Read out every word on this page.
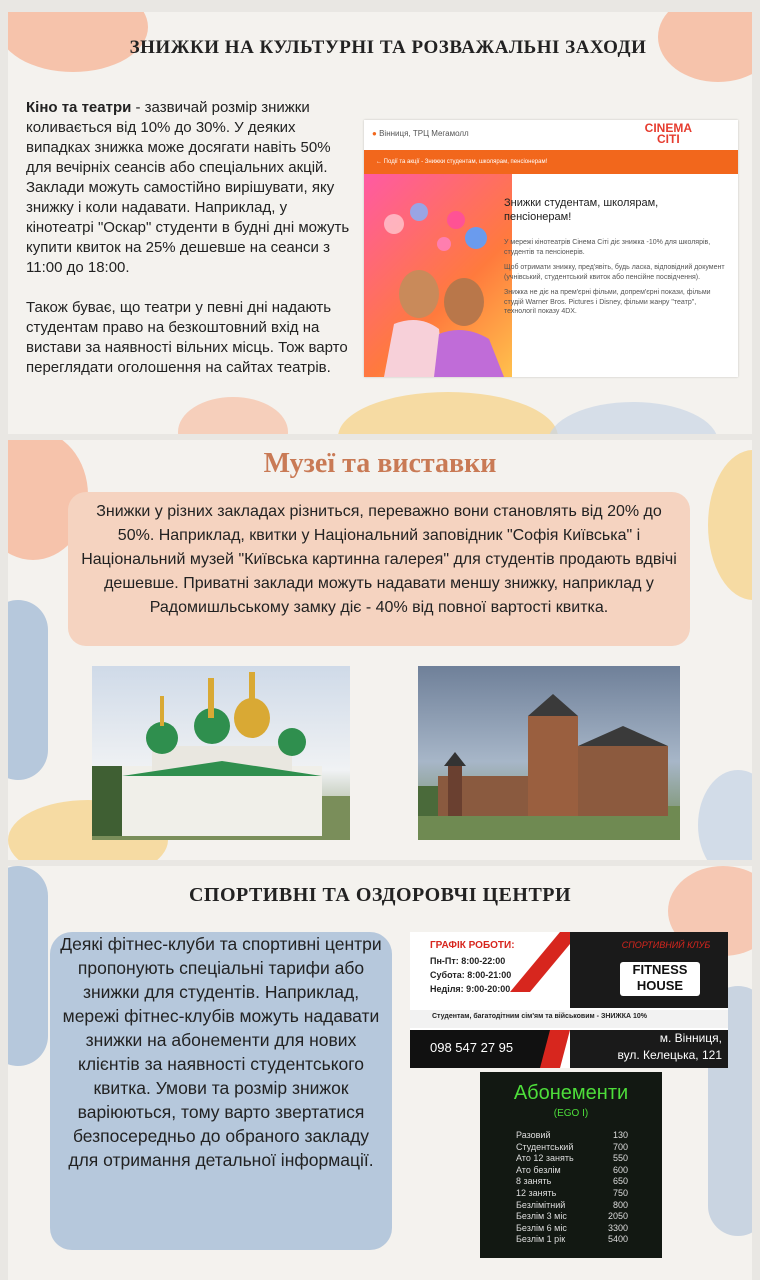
ЗНИЖКИ НА КУЛЬТУРНІ ТА РОЗВАЖАЛЬНІ ЗАХОДИ

Кіно та театри - зазвичай розмір знижки коливається від 10% до 30%. У деяких випадках знижка може досягати навіть 50% для вечірніх сеансів або спеціальних акцій. Заклади можуть самостійно вирішувати, яку знижку і коли надавати. Наприклад, у кінотеатрі "Оскар" студенти в будні дні можуть купити квиток на 25% дешевше на сеанси з 11:00 до 18:00.

Також буває, що театри у певні дні надають студентам право на безкоштовний вхід на вистави за наявності вільних місць. Тож варто переглядати оголошення на сайтах театрів.

● Вінниця, ТРЦ Мегамолл	CINEMA
CITI
← Події та акції - Знижки студентам, школярам, пенсіонерам!
Знижки студентам, школярам, пенсіонерам!

У мережі кінотеатрів Сінема Сіті діє знижка -10% для школярів, студентів та пенсіонерів.

Щоб отримати знижку, пред'явіть, будь ласка, відповідний документ (учнівський, студентський квиток або пенсійне посвідчення).

Знижка не діє на прем'єрні фільми, допрем'єрні покази, фільми студій Warner Bros. Pictures і Disney, фільми жанру "театр", технології показу 4DX.

Музеї та виставки
Знижки у різних закладах різниться, переважно вони становлять від 20% до 50%. Наприклад, квитки у Національний заповідник "Софія Київська" і Національний музей "Київська картинна галерея" для студентів продають вдвічі дешевше. Приватні заклади можуть надавати меншу знижку, наприклад у Радомишльському замку діє - 40% від повної вартості квитка.
СПОРТИВНІ ТА ОЗДОРОВЧІ ЦЕНТРИ
Деякі фітнес-клуби та спортивні центри пропонують спеціальні тарифи або знижки для студентів. Наприклад, мережі фітнес-клубів можуть надавати знижки на абонементи для нових клієнтів за наявності студентського квитка. Умови та розмір знижок варіюються, тому варто звертатися безпосередньо до обраного закладу для отримання детальної інформації.
ГРАФІК РОБОТИ:
Пн-Пт: 8:00-22:00
Субота: 8:00-21:00
Неділя: 9:00-20:00
СПОРТИВНИЙ КЛУБ
FITNESS
HOUSE
Студентам, багатодітним сім'ям та військовим - ЗНИЖКА 10%
098 547 27 95
м. Вінниця,
вул. Келецька, 121
Абонементи
(EGO I)
Разовий	130
Студентський	700
Ато 12 занять	550
Ато безлім	600
8 занять	650
12 занять	750
Безлімітний	800
Безлім 3 міс	2050
Безлім 6 міс	3300
Безлім 1 рік	5400
